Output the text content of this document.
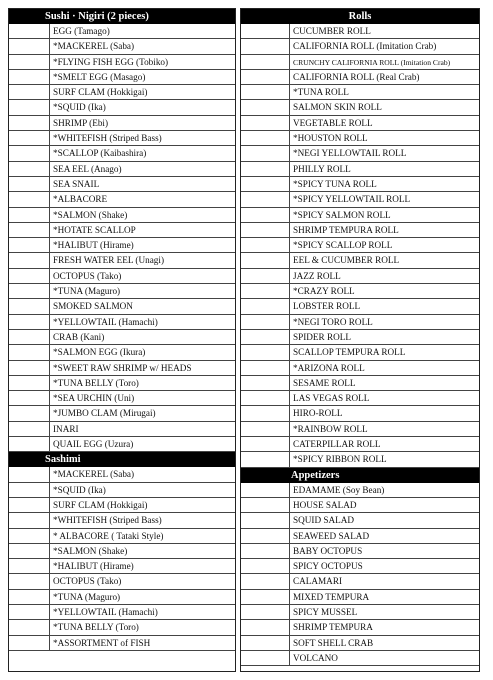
Sushi · Nigiri (2 pieces)
EGG (Tamago)
*MACKEREL (Saba)
*FLYING FISH EGG (Tobiko)
*SMELT EGG (Masago)
SURF CLAM (Hokkigai)
*SQUID (Ika)
SHRIMP (Ebi)
*WHITEFISH (Striped Bass)
*SCALLOP (Kaibashira)
SEA EEL (Anago)
SEA SNAIL
*ALBACORE
*SALMON (Shake)
*HOTATE SCALLOP
*HALIBUT (Hirame)
FRESH WATER EEL (Unagi)
OCTOPUS (Tako)
*TUNA (Maguro)
SMOKED SALMON
*YELLOWTAIL (Hamachi)
CRAB (Kani)
*SALMON EGG (Ikura)
*SWEET RAW SHRIMP w/ HEADS
*TUNA BELLY (Toro)
*SEA URCHIN (Uni)
*JUMBO CLAM (Mirugai)
INARI
QUAIL EGG (Uzura)
Sashimi
*MACKEREL (Saba)
*SQUID (Ika)
SURF CLAM (Hokkigai)
*WHITEFISH (Striped Bass)
* ALBACORE ( Tataki Style)
*SALMON (Shake)
*HALIBUT (Hirame)
OCTOPUS (Tako)
*TUNA (Maguro)
*YELLOWTAIL (Hamachi)
*TUNA BELLY (Toro)
*ASSORTMENT of FISH
Rolls
CUCUMBER ROLL
CALIFORNIA ROLL (Imitation Crab)
CRUNCHY CALIFORNIA ROLL (Imitation Crab)
CALIFORNIA ROLL (Real Crab)
*TUNA ROLL
SALMON SKIN ROLL
VEGETABLE ROLL
*HOUSTON ROLL
*NEGI YELLOWTAIL ROLL
PHILLY ROLL
*SPICY TUNA ROLL
*SPICY YELLOWTAIL ROLL
*SPICY SALMON ROLL
SHRIMP TEMPURA ROLL
*SPICY SCALLOP ROLL
EEL & CUCUMBER ROLL
JAZZ ROLL
*CRAZY ROLL
LOBSTER ROLL
*NEGI TORO ROLL
SPIDER ROLL
SCALLOP TEMPURA ROLL
*ARIZONA ROLL
SESAME ROLL
LAS VEGAS ROLL
HIRO-ROLL
*RAINBOW ROLL
CATERPILLAR ROLL
*SPICY RIBBON ROLL
Appetizers
EDAMAME (Soy Bean)
HOUSE SALAD
SQUID SALAD
SEAWEED SALAD
BABY OCTOPUS
SPICY OCTOPUS
CALAMARI
MIXED TEMPURA
SPICY MUSSEL
SHRIMP TEMPURA
SOFT SHELL CRAB
VOLCANO
